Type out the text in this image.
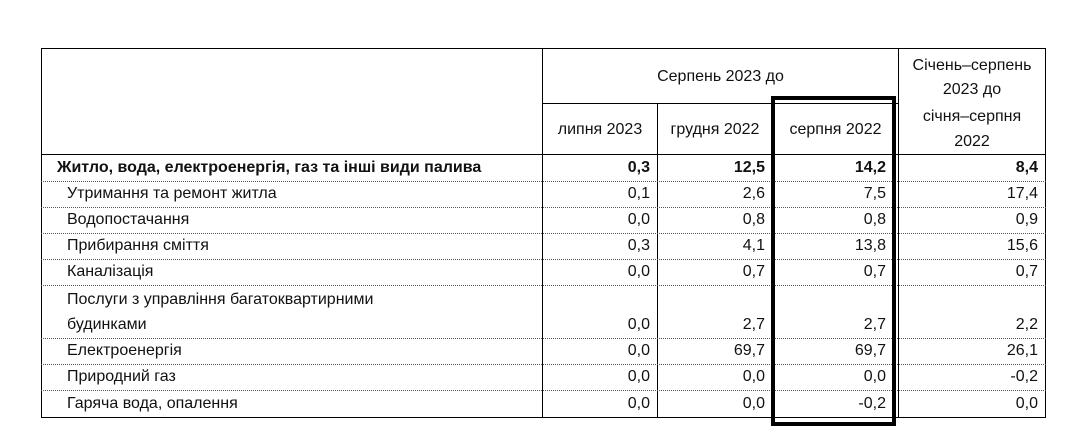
Серпень 2023 до
липня 2023	грудня 2022	серпня 2022
Січень–серпень
2023 до
січня–серпня
2022
Житло, вода, електроенергія, газ та інші види палива	0,3	12,5	14,2	8,4
Утримання та ремонт житла	0,1	2,6	7,5	17,4
Водопостачання	0,0	0,8	0,8	0,9
Прибирання сміття	0,3	4,1	13,8	15,6
Каналізація	0,0	0,7	0,7	0,7
Послуги з управління багатоквартирними
будинками	0,0	2,7	2,7	2,2
Електроенергія	0,0	69,7	69,7	26,1
Природний газ	0,0	0,0	0,0	-0,2
Гаряча вода, опалення	0,0	0,0	-0,2	0,0
